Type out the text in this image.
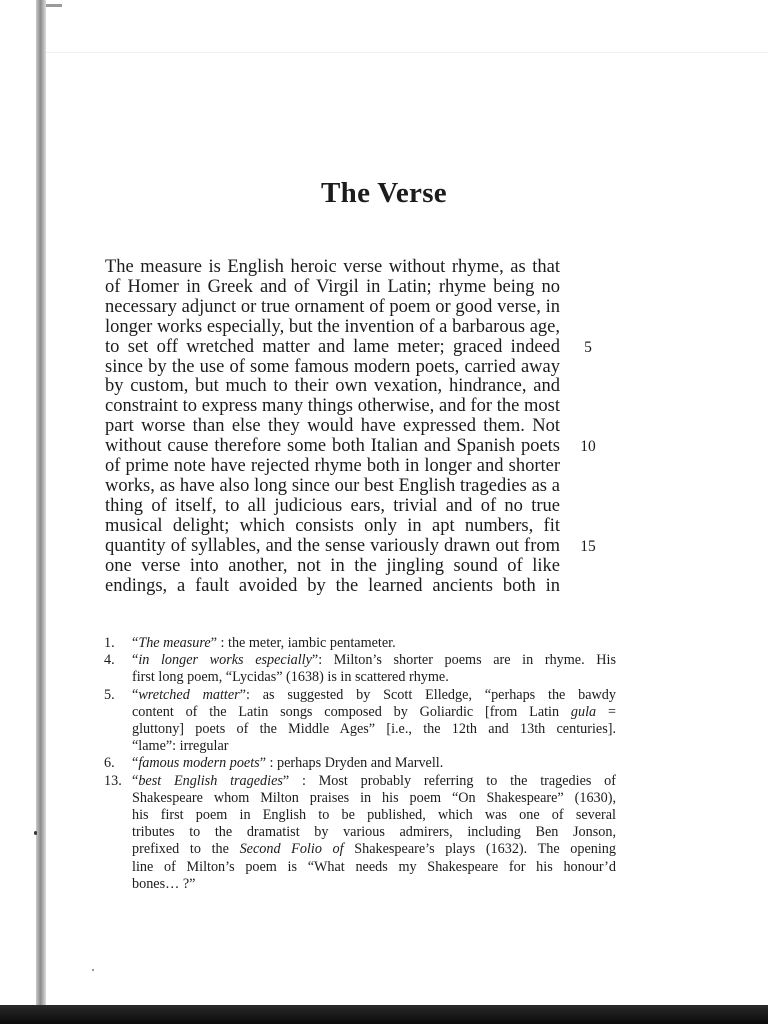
The Verse
The measure is English heroic verse without rhyme, as that
of Homer in Greek and of Virgil in Latin; rhyme being no
necessary adjunct or true ornament of poem or good verse, in
longer works especially, but the invention of a barbarous age,
to set off wretched matter and lame meter; graced indeed
since by the use of some famous modern poets, carried away
by custom, but much to their own vexation, hindrance, and
constraint to express many things otherwise, and for the most
part worse than else they would have expressed them. Not
without cause therefore some both Italian and Spanish poets
of prime note have rejected rhyme both in longer and shorter
works, as have also long since our best English tragedies as a
thing of itself, to all judicious ears, trivial and of no true
musical delight; which consists only in apt numbers, fit
quantity of syllables, and the sense variously drawn out from
one verse into another, not in the jingling sound of like
endings, a fault avoided by the learned ancients both in
5
10
15
1.	“The measure” : the meter, iambic pentameter.
4.	“in longer works especially”: Milton’s shorter poems are in rhyme. His
first long poem, “Lycidas” (1638) is in scattered rhyme.
5.	“wretched matter”: as suggested by Scott Elledge, “perhaps the bawdy
content of the Latin songs composed by Goliardic [from Latin gula =
gluttony] poets of the Middle Ages” [i.e., the 12th and 13th centuries].
“lame”: irregular
6.	“famous modern poets” : perhaps Dryden and Marvell.
13. “best English tragedies” : Most probably referring to the tragedies of
Shakespeare whom Milton praises in his poem “On Shakespeare” (1630),
his first poem in English to be published, which was one of several
tributes to the dramatist by various admirers, including Ben Jonson,
prefixed to the Second Folio of Shakespeare’s plays (1632). The opening
line of Milton’s poem is “What needs my Shakespeare for his honour’d
bones… ?”
